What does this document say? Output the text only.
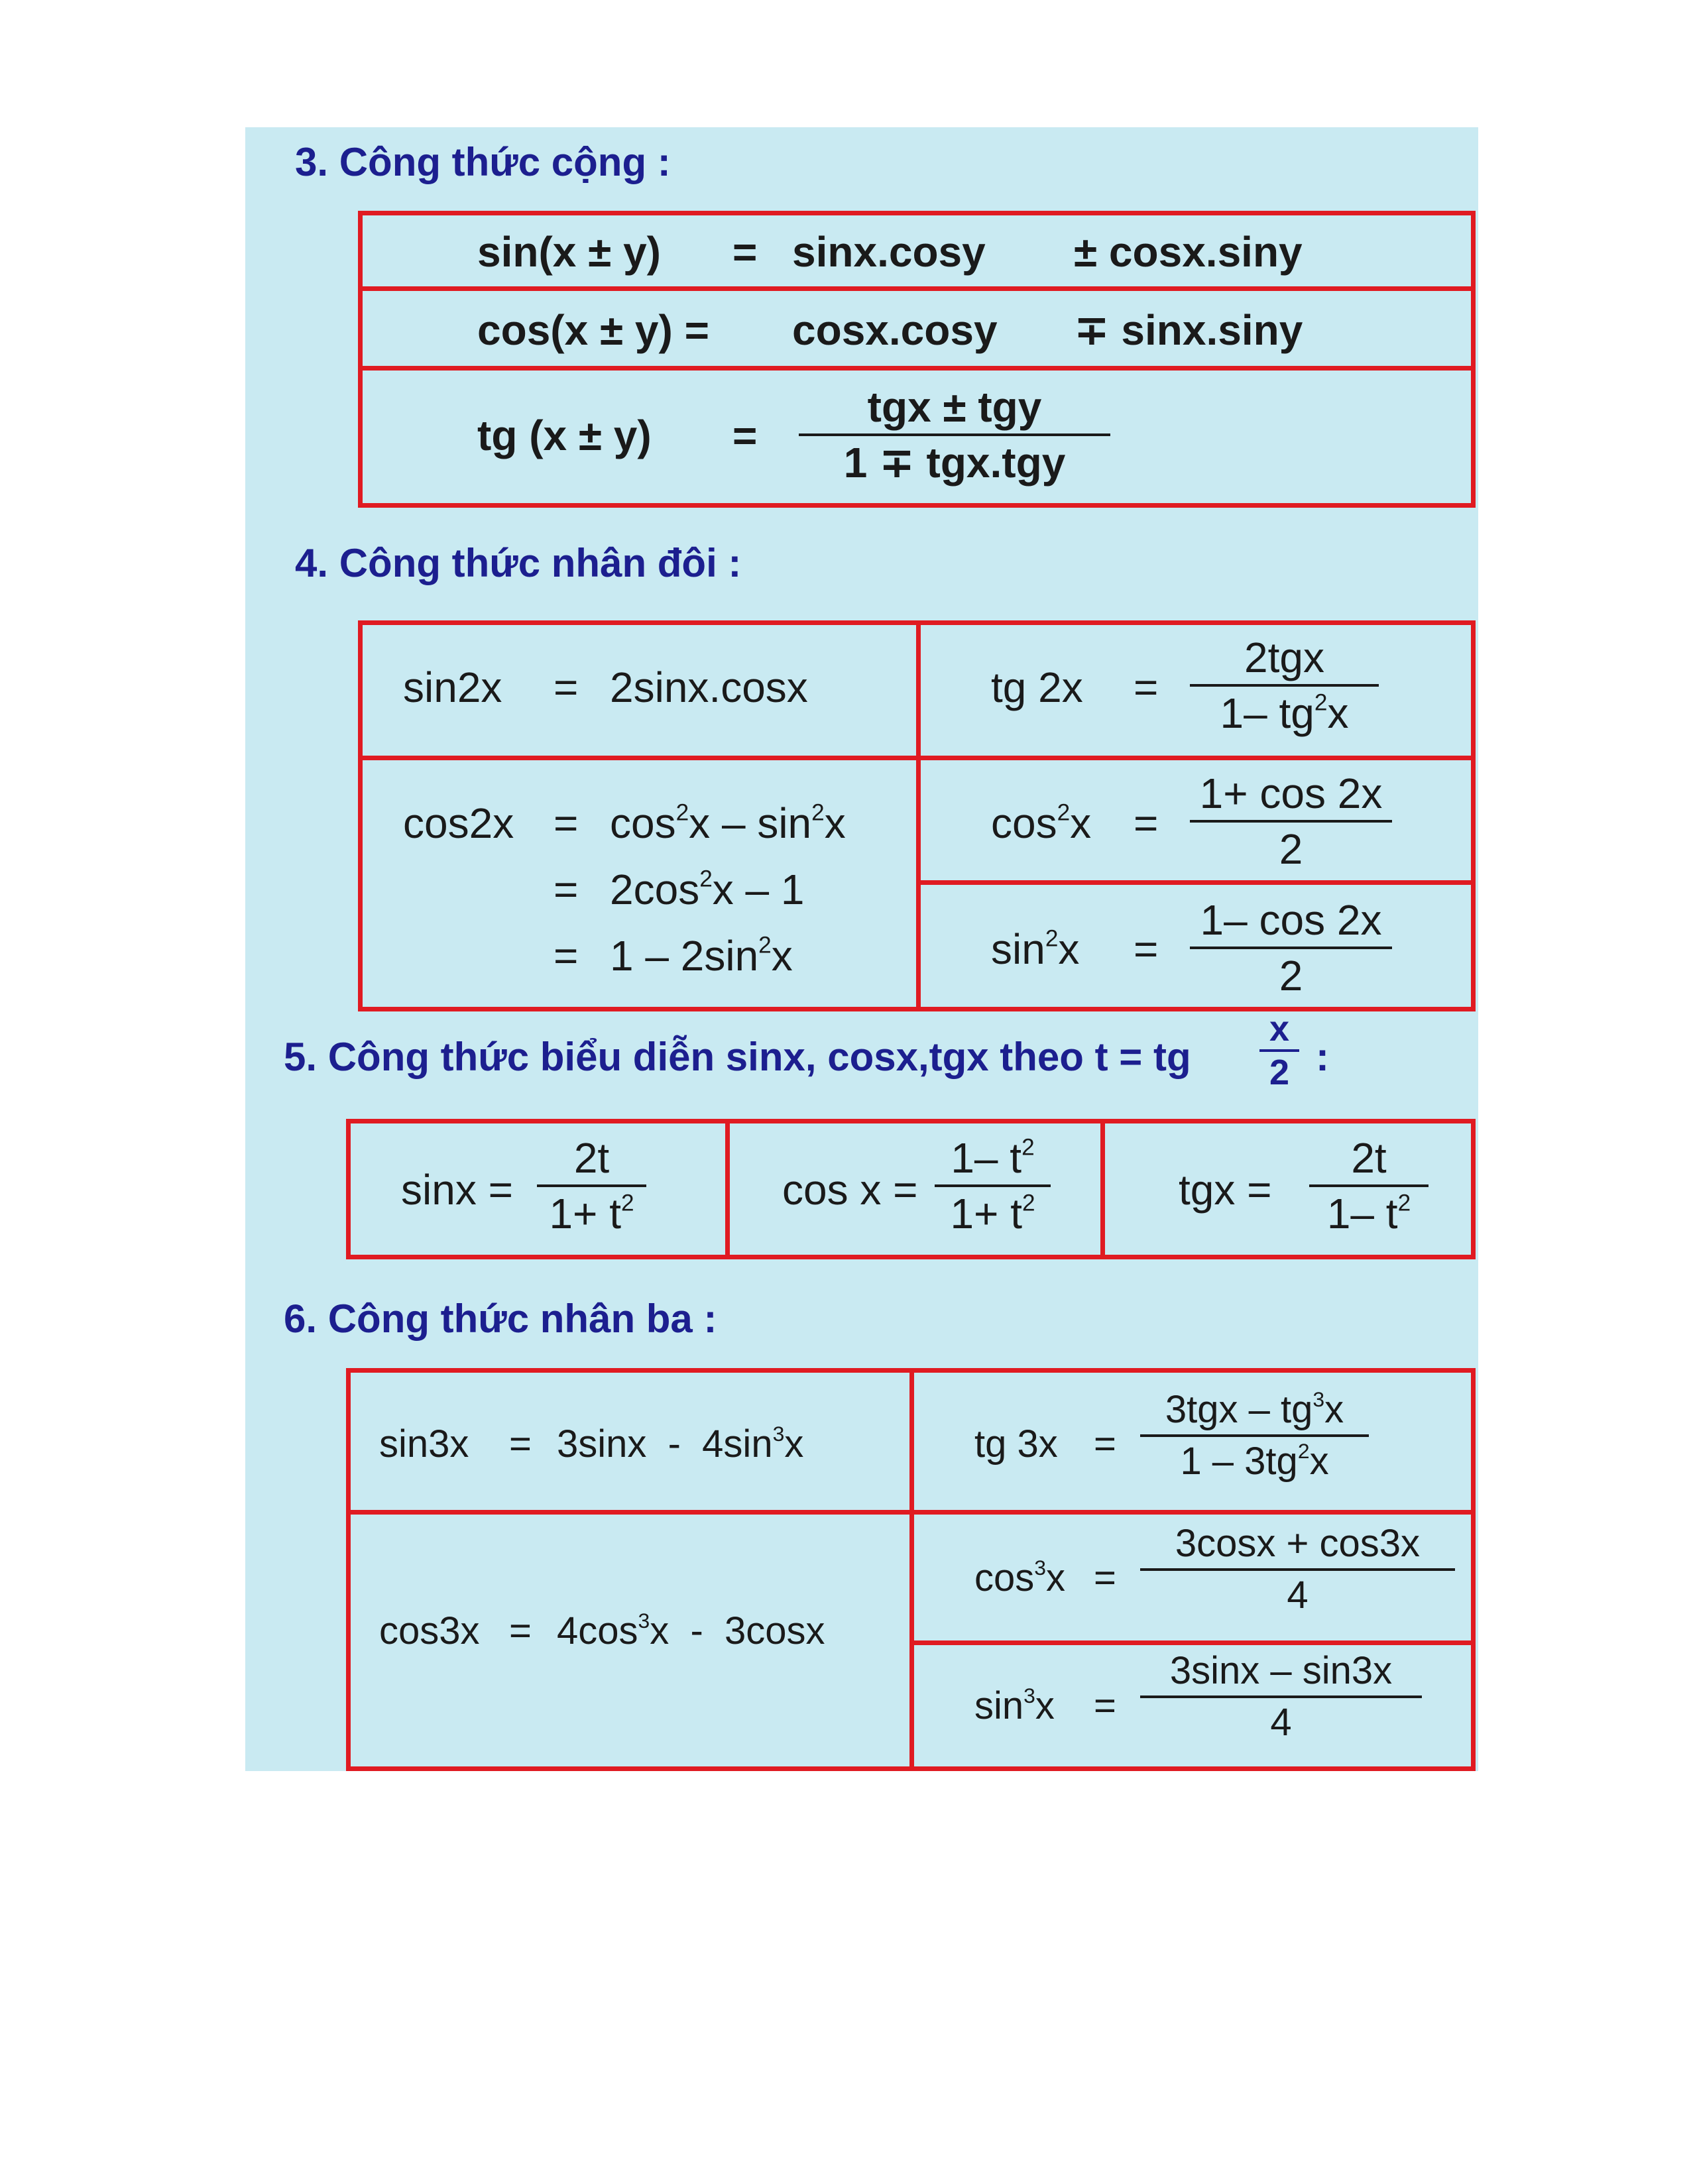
3. Công thức cộng :
sin(x ± y) = sinx.cosy ± cosx.siny
cos(x ± y) = cosx.cosy ∓ sinx.siny
tg (x ± y) =
tgx ± tgy
1 ∓ tgx.tgy
4. Công thức nhân đôi :
sin2x = 2sinx.cosx	tg 2x =
2tgx
1– $tg^2x$
$\cos 2x = \cos^2x - \sin^2x$
= $2\cos^2x - 1$
= $1 - 2\sin^2x$
$\cos^2x = \frac{1+ \cos 2x}{2}$
$\sin^2x = \frac{1- \cos 2x}{2}$
5. Công thức biểu diễn sinx, cosx,tgx theo t = tg $\frac{x}{2}$ :
$\sin x = \frac{2t}{1+ t^2}$	$\cos x = \frac{1- t^2}{1+ t^2}$	tgx = $\frac{2t}{1- t^2}$
6. Công thức nhân ba :
$\sin 3x = 3\sin x - 4\sin^3x$	tg 3x =
$3tgx - tg^3x$
$1 - 3tg^2x$
$\cos 3x = 4\cos^3x - 3\cos x$
$\cos^3x = \frac{3\cos x + \cos 3x}{4}$
$\sin^3x = \frac{3\sin x - \sin 3x}{4}$
